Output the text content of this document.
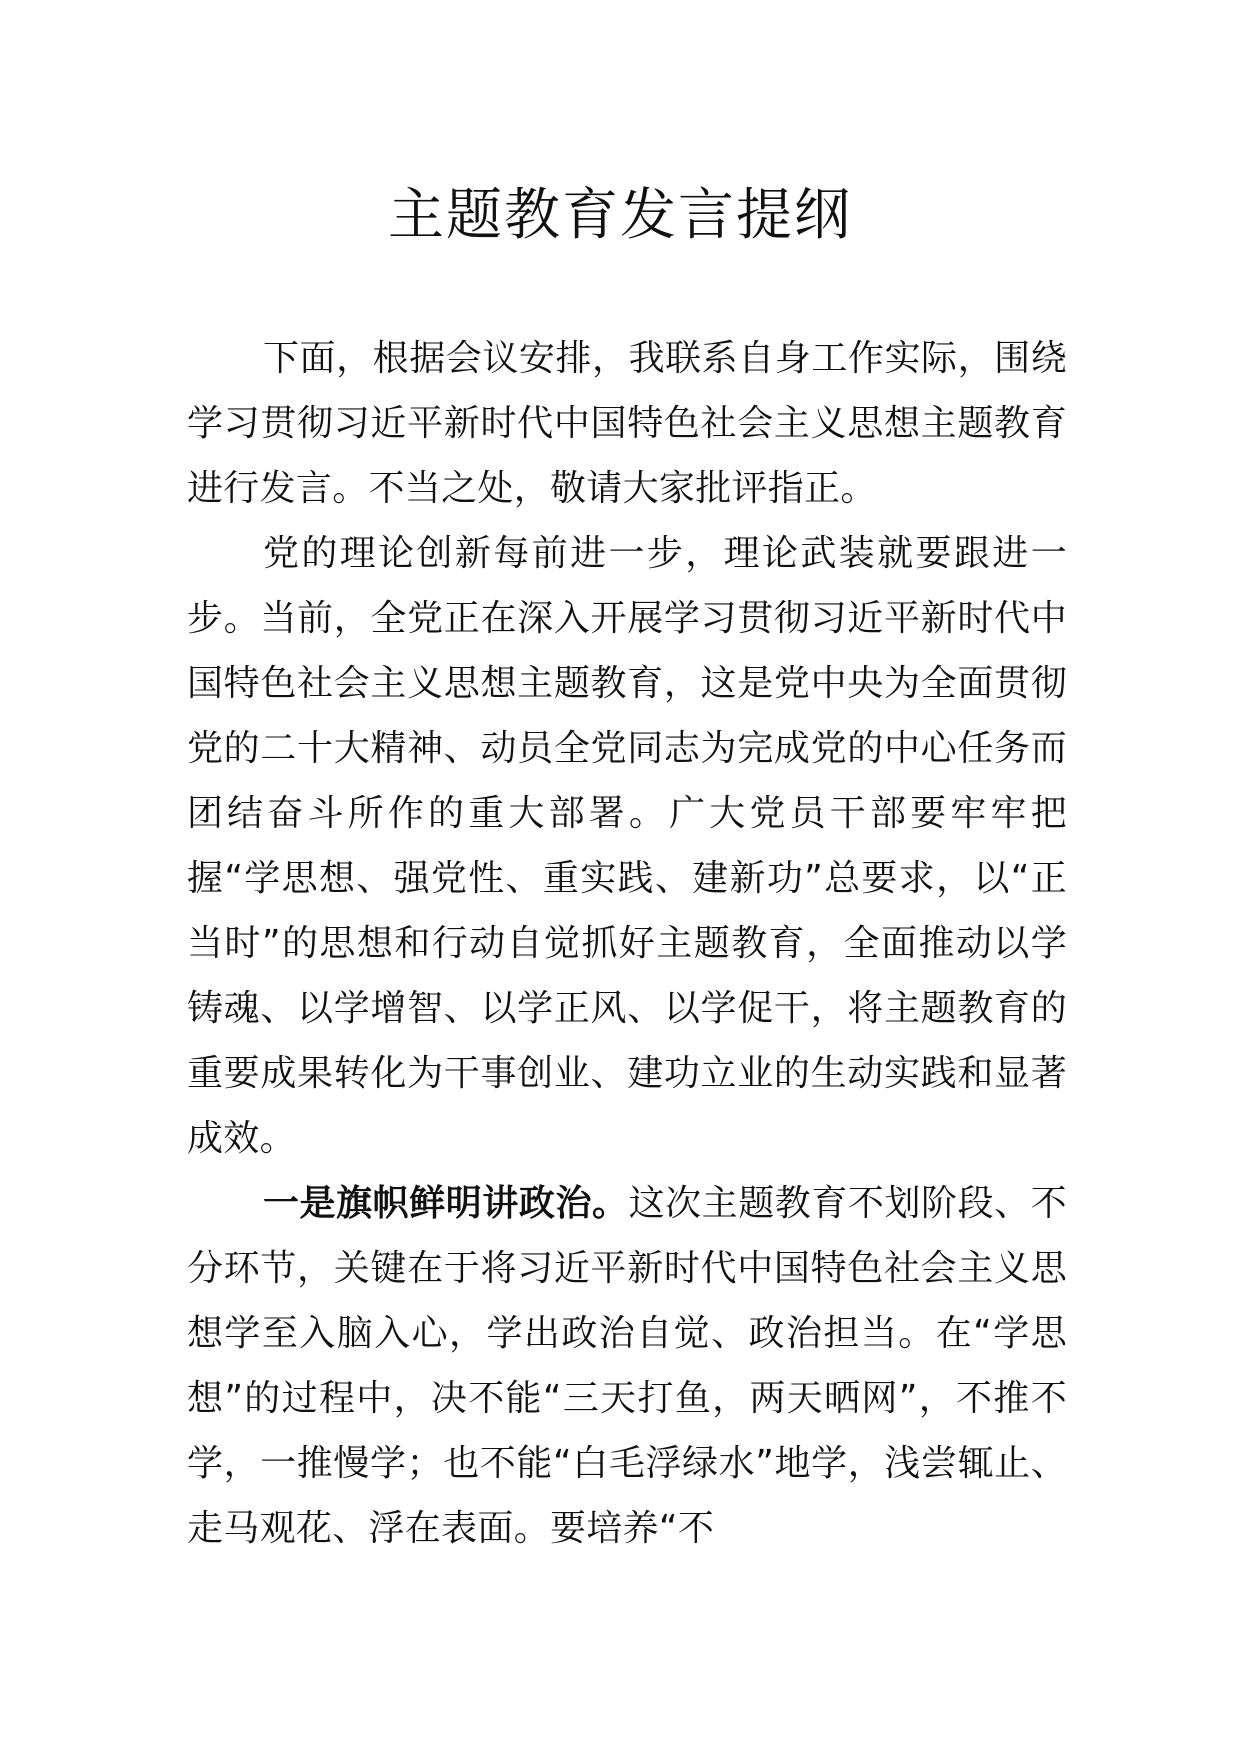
主题教育发言提纲

下面，根据会议安排，我联系自身工作实际，围绕学习贯彻习近平新时代中国特色社会主义思想主题教育进行发言。不当之处，敬请大家批评指正。

党的理论创新每前进一步，理论武装就要跟进一步。当前，全党正在深入开展学习贯彻习近平新时代中国特色社会主义思想主题教育，这是党中央为全面贯彻党的二十大精神、动员全党同志为完成党的中心任务而团结奋斗所作的重大部署。广大党员干部要牢牢把握“学思想、强党性、重实践、建新功”总要求，以“正当时”的思想和行动自觉抓好主题教育，全面推动以学铸魂、以学增智、以学正风、以学促干，将主题教育的重要成果转化为干事创业、建功立业的生动实践和显著成效。

一是旗帜鲜明讲政治。这次主题教育不划阶段、不分环节，关键在于将习近平新时代中国特色社会主义思想学至入脑入心，学出政治自觉、政治担当。在“学思想”的过程中，决不能“三天打鱼，两天晒网”，不推不学，一推慢学；也不能“白毛浮绿水”地学，浅尝辄止、走马观花、浮在表面。要培养“不
